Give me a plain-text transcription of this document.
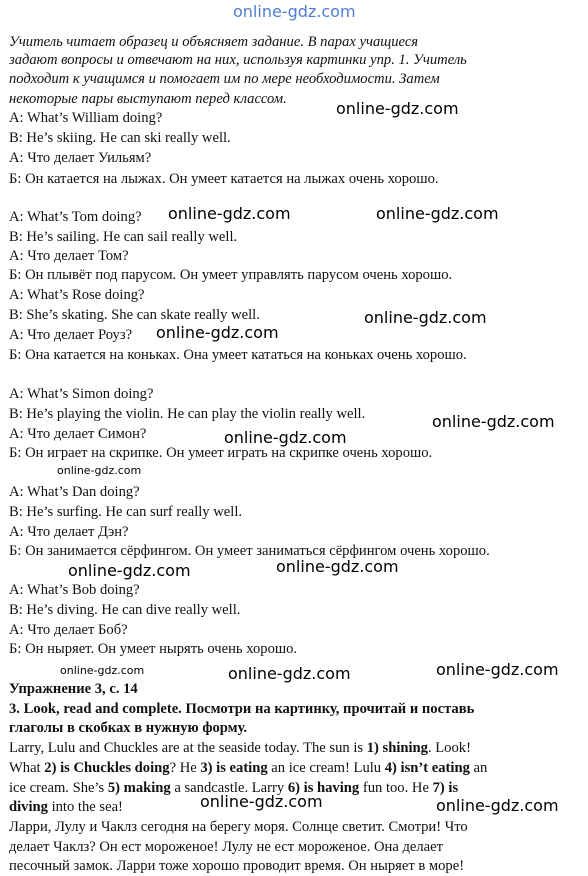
online-gdz.com
Учитель читает образец и объясняет задание. В парах учащиеся
задают вопросы и отвечают на них, используя картинки упр. 1. Учитель
подходит к учащимся и помогает им по мере необходимости. Затем
некоторые пары выступают перед классом.
A: What’s William doing?
B: He’s skiing. He can ski really well.
А: Что делает Уильям?
Б: Он катается на лыжах. Он умеет катается на лыжах очень хорошо.
A: What’s Tom doing?
B: He’s sailing. He can sail really well.
А: Что делает Том?
Б: Он плывёт под парусом. Он умеет управлять парусом очень хорошо.
A: What’s Rose doing?
B: She’s skating. She can skate really well.
А: Что делает Роуз?
Б: Она катается на коньках. Она умеет кататься на коньках очень хорошо.
A: What’s Simon doing?
B: He’s playing the violin. He can play the violin really well.
А: Что делает Симон?
Б: Он играет на скрипке. Он умеет играть на скрипке очень хорошо.
A: What’s Dan doing?
B: He’s surfing. He can surf really well.
А: Что делает Дэн?
Б: Он занимается сёрфингом. Он умеет заниматься сёрфингом очень хорошо.
A: What’s Bob doing?
B: He’s diving. He can dive really well.
А: Что делает Боб?
Б: Он ныряет. Он умеет нырять очень хорошо.
Упражнение 3, с. 14
3. Look, read and complete. Посмотри на картинку, прочитай и поставь
глаголы в скобках в нужную форму.
Larry, Lulu and Chuckles are at the seaside today. The sun is 1) shining. Look!
What 2) is Chuckles doing? He 3) is eating an ice cream! Lulu 4) isn’t eating an
ice cream. She’s 5) making a sandcastle. Larry 6) is having fun too. He 7) is
diving into the sea!
Ларри, Лулу и Чаклз сегодня на берегу моря. Солнце светит. Смотри! Что
делает Чаклз? Он ест мороженое! Лулу не ест мороженое. Она делает
песочный замок. Ларри тоже хорошо проводит время. Он ныряет в море!
online-gdz.com
online-gdz.com	online-gdz.com
online-gdz.com
online-gdz.com
online-gdz.com
online-gdz.com
online-gdz.com
online-gdz.com
online-gdz.com
online-gdz.com	online-gdz.com	online-gdz.com
online-gdz.com	online-gdz.com
